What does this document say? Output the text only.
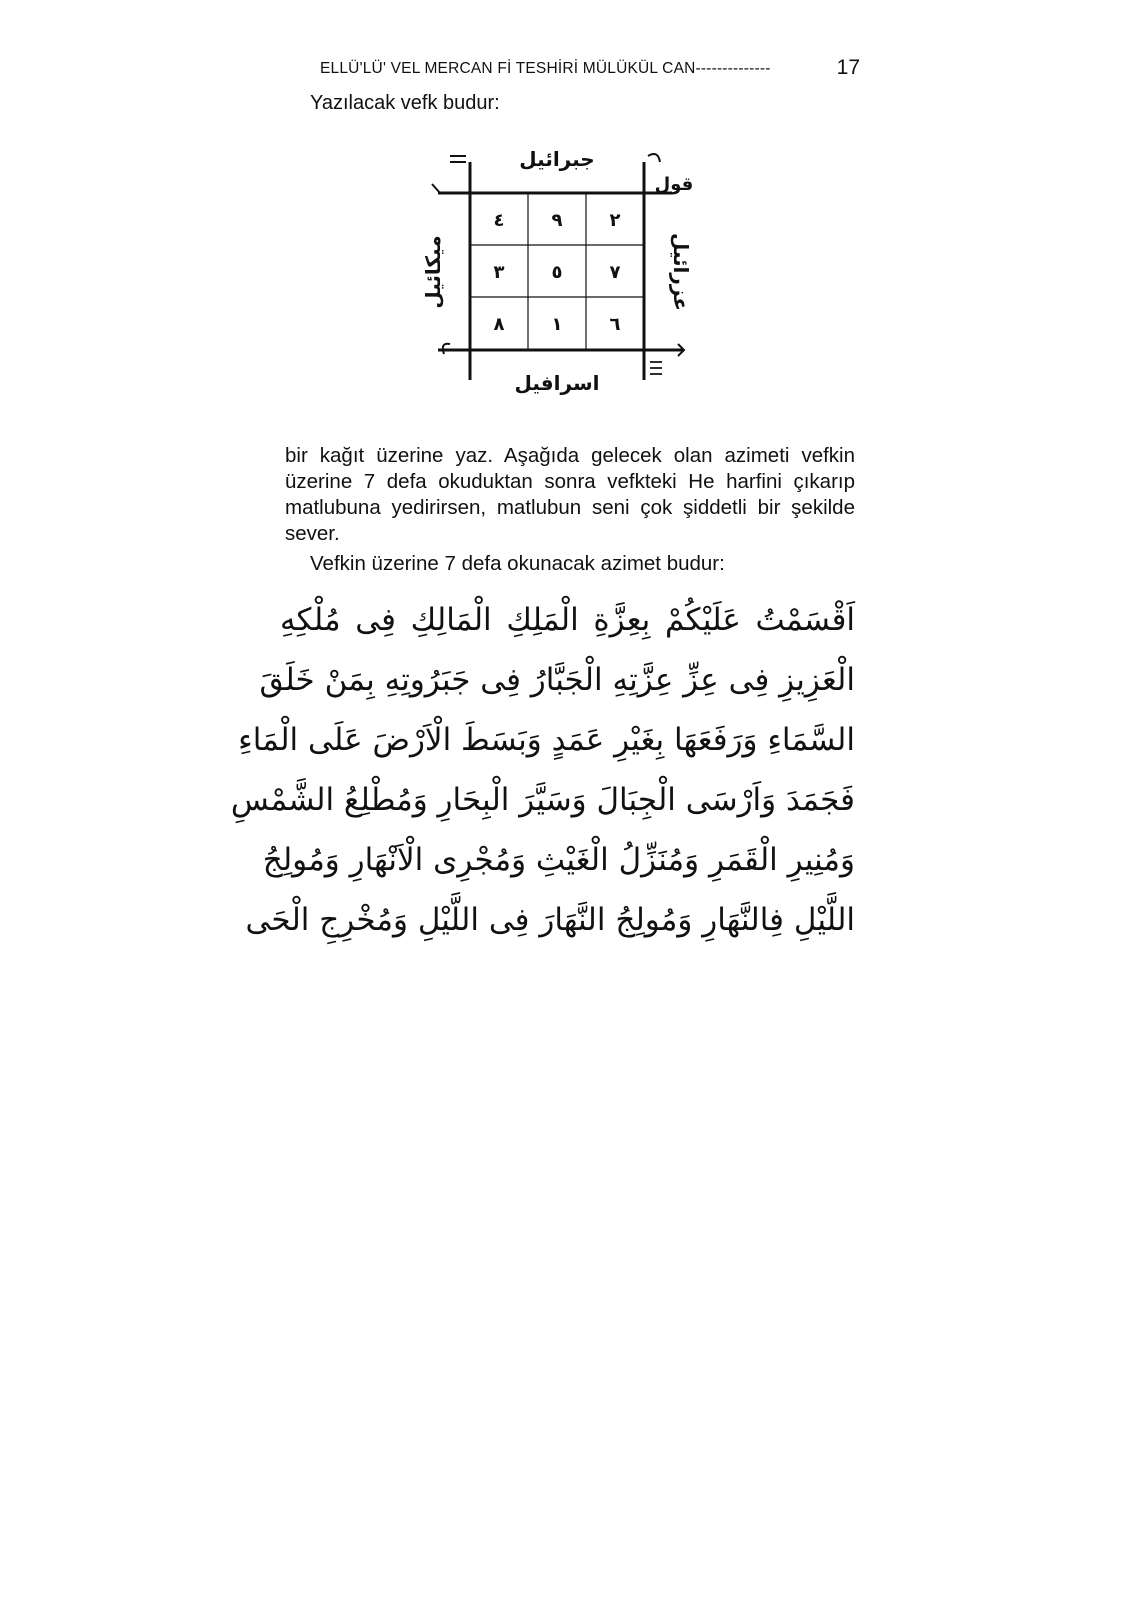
ELLÜ'LÜ' VEL MERCAN Fİ TESHİRİ MÜLÜKÜL CAN--------------	17
Yazılacak vefk budur:
جبرائيل
قول
ميكائيل	عزرائيل
اسرافيل
٤	٩	٢
٣	٥	٧
٨	١	٦

bir kağıt üzerine yaz. Aşağıda gelecek olan azimeti vefkin üzerine 7 defa okuduktan sonra vefkteki He harfini çıkarıp matlubuna yedirirsen, matlubun seni çok şiddetli bir şekilde sever.

Vefkin üzerine 7 defa okunacak azimet budur:
اَقْسَمْتُ عَلَيْكُمْ بِعِزَّةِ الْمَلِكِ الْمَالِكِ فِى مُلْكِهِ
الْعَزِيزِ فِى عِزِّ عِزَّتِهِ الْجَبَّارُ فِى جَبَرُوتِهِ بِمَنْ خَلَقَ
السَّمَاءِ وَرَفَعَهَا بِغَيْرِ عَمَدٍ وَبَسَطَ الْاَرْضَ عَلَى الْمَاءِ
فَجَمَدَ وَاَرْسَى الْجِبَالَ وَسَيَّرَ الْبِحَارِ وَمُطْلِعُ الشَّمْسِ
وَمُنِيرِ الْقَمَرِ وَمُنَزِّلُ الْغَيْثِ وَمُجْرِى الْاَنْهَارِ وَمُولِجُ
اللَّيْلِ فِالنَّهَارِ وَمُولِجُ النَّهَارَ فِى اللَّيْلِ وَمُخْرِجِ الْحَى
